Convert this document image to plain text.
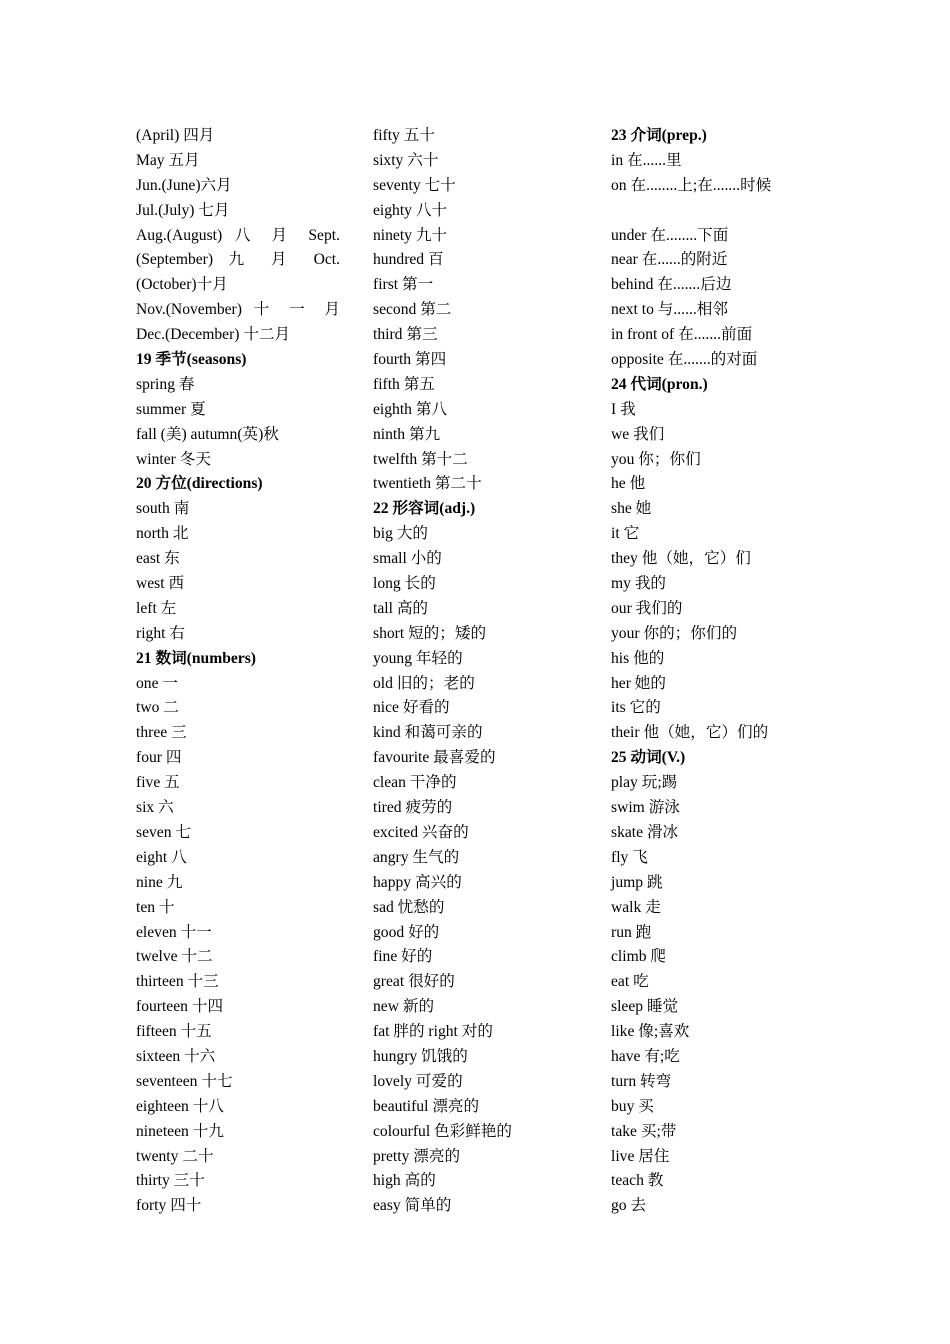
(April) 四月
May 五月
Jun.(June)六月
Jul.(July) 七月
Aug.(August) 八 月 Sept.
(September) 九 月 Oct.
(October)十月
Nov.(November) 十 一 月
Dec.(December) 十二月
19 季节(seasons)
spring 春
summer 夏
fall (美) autumn(英)秋
winter 冬天
20 方位(directions)
south 南
north 北
east 东
west 西
left 左
right 右
21 数词(numbers)
one 一
two 二
three 三
four 四
five 五
six 六
seven 七
eight 八
nine 九
ten 十
eleven 十一
twelve 十二
thirteen 十三
fourteen 十四
fifteen 十五
sixteen 十六
seventeen 十七
eighteen 十八
nineteen 十九
twenty 二十
thirty 三十
forty 四十
fifty 五十
sixty 六十
seventy 七十
eighty 八十
ninety 九十
hundred 百
first 第一
second 第二
third 第三
fourth 第四
fifth 第五
eighth 第八
ninth 第九
twelfth 第十二
twentieth 第二十
22 形容词(adj.)
big 大的
small 小的
long 长的
tall 高的
short 短的；矮的
young 年轻的
old 旧的；老的
nice 好看的
kind 和蔼可亲的
favourite 最喜爱的
clean 干净的
tired 疲劳的
excited 兴奋的
angry 生气的
happy 高兴的
sad 忧愁的
good 好的
fine 好的
great 很好的
new 新的
fat 胖的 right 对的
hungry 饥饿的
lovely 可爱的
beautiful 漂亮的
colourful 色彩鲜艳的
pretty 漂亮的
high 高的
easy 简单的
23 介词(prep.)
in 在......里
on 在........上;在.......时候
under 在........下面
near 在......的附近
behind 在.......后边
next to 与......相邻
in front of 在.......前面
opposite 在.......的对面
24 代词(pron.)
I 我
we 我们
you 你；你们
he 他
she 她
it 它
they 他（她，它）们
my 我的
our 我们的
your 你的；你们的
his 他的
her 她的
its 它的
their 他（她，它）们的
25 动词(V.)
play 玩;踢
swim 游泳
skate 滑冰
fly 飞
jump 跳
walk 走
run 跑
climb 爬
eat 吃
sleep 睡觉
like 像;喜欢
have 有;吃
turn 转弯
buy 买
take 买;带
live 居住
teach 教
go 去
